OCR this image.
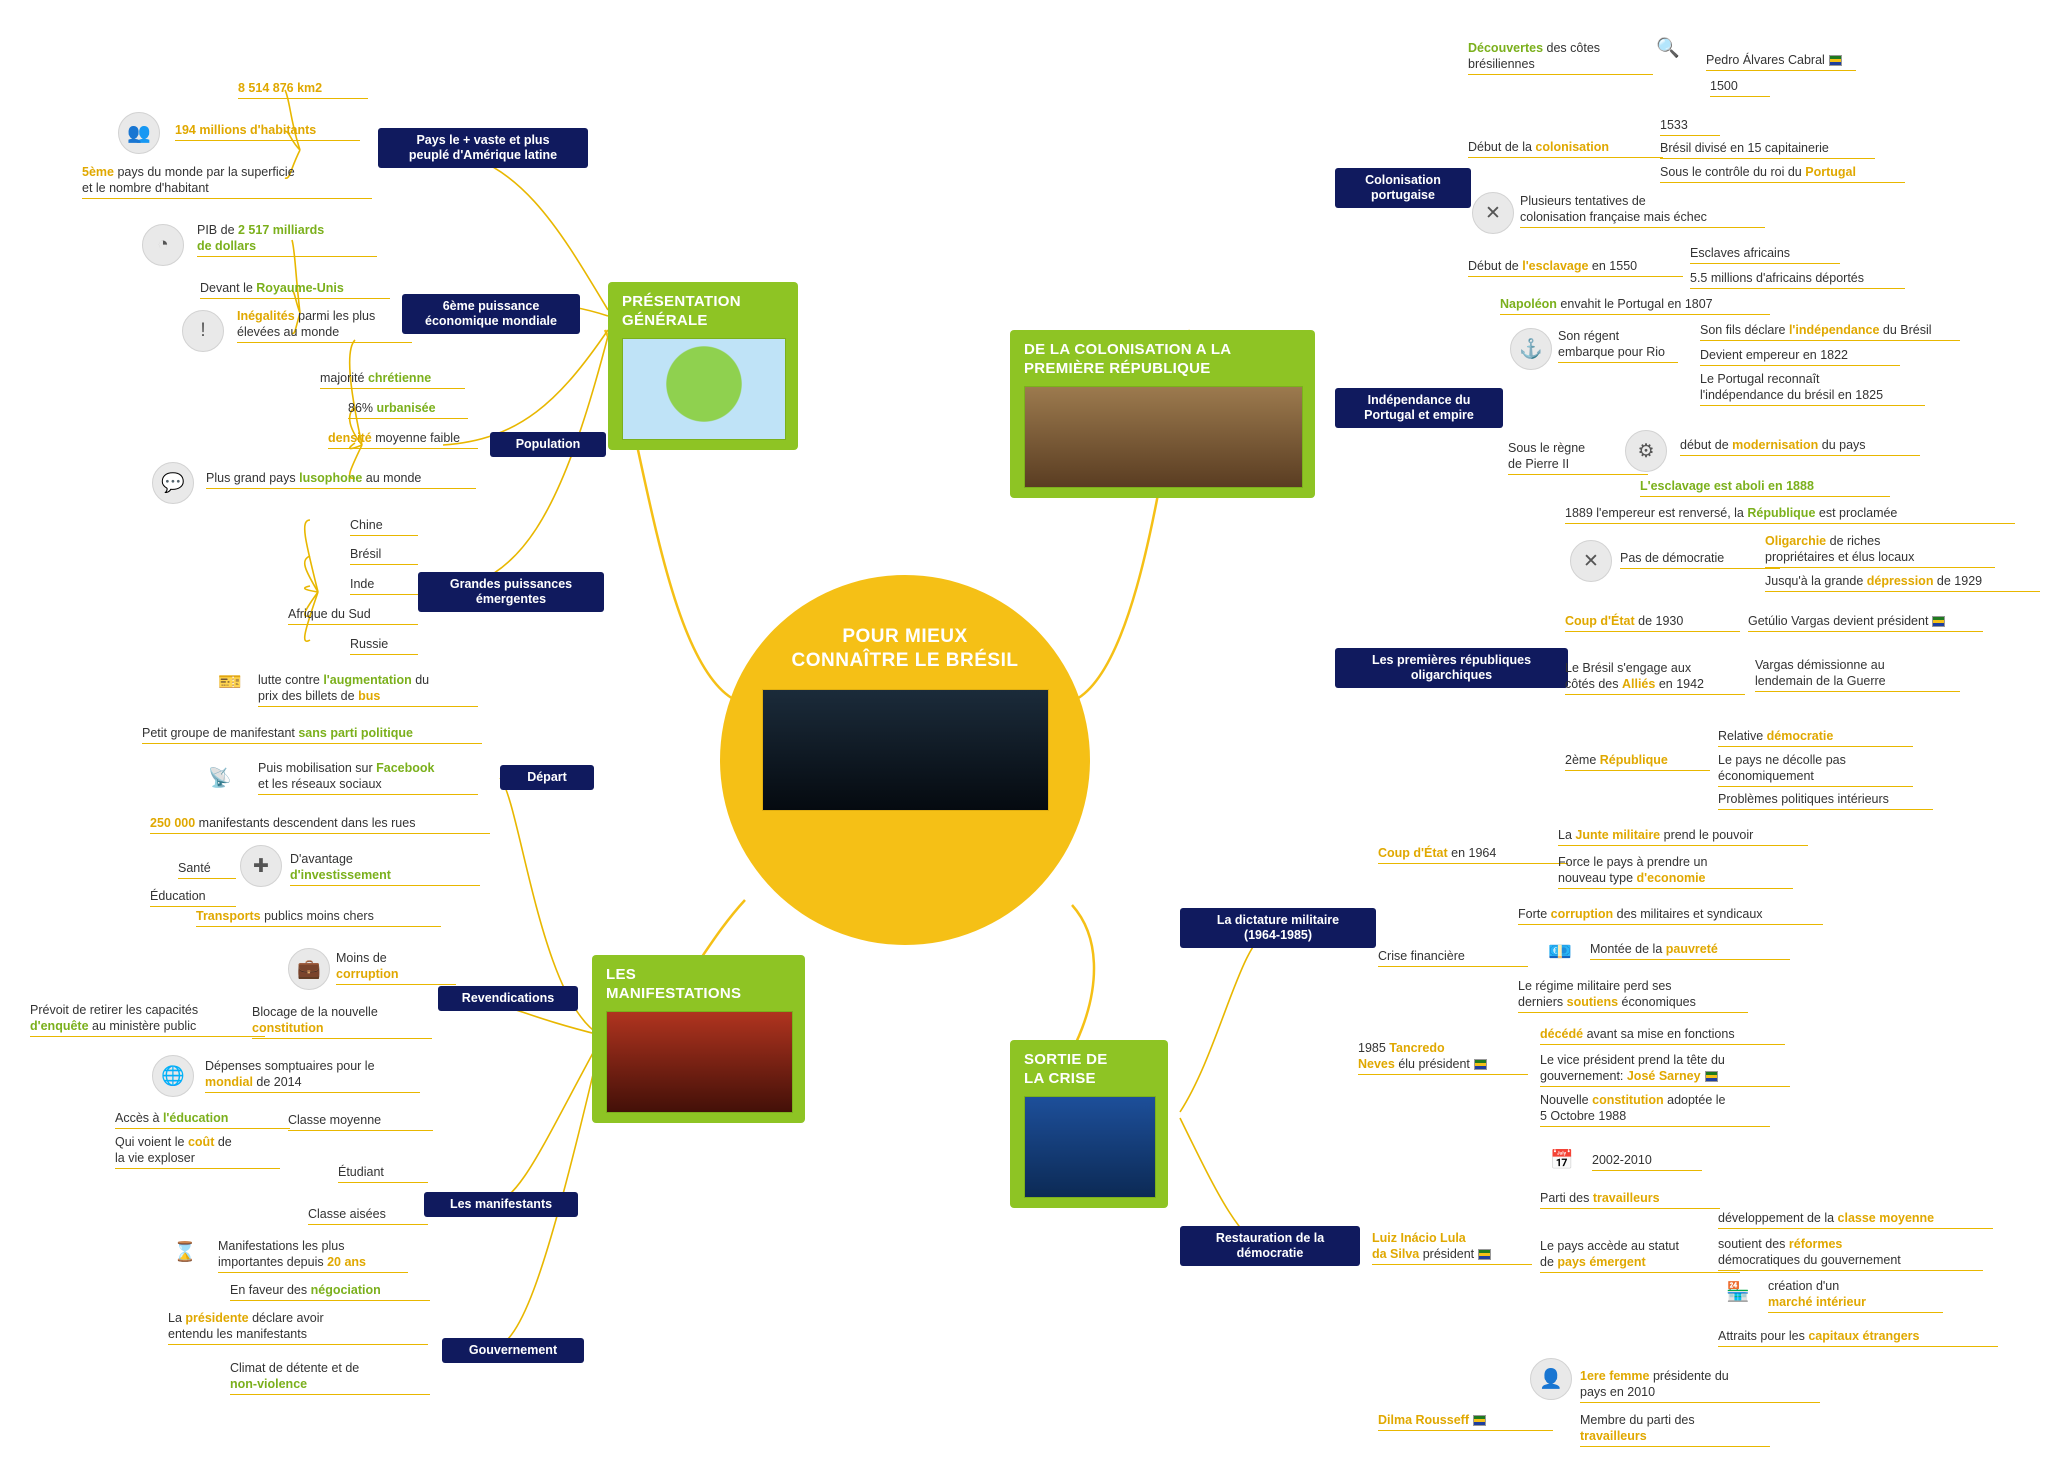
POUR MIEUX
CONNAÎTRE LE BRÉSIL
PRÉSENTATION
GÉNÉRALE
DE LA COLONISATION A LA
PREMIÈRE RÉPUBLIQUE
LES
MANIFESTATIONS
SORTIE DE
LA CRISE
Pays le + vaste et plus
peuplé d'Amérique latine
6ème puissance
économique mondiale
Population
Grandes puissances
émergentes
8 514 876 km2
👥	194 millions d'habitants
5ème pays du monde par la superficie
et le nombre d'habitant
◔
PIB de 2 517 milliards
de dollars
Devant le Royaume-Unis
!
Inégalités parmi les plus
élevées au monde
majorité chrétienne
86% urbanisée
densité moyenne faible
💬	Plus grand pays lusophone au monde
Chine
Brésil
Inde
Afrique du Sud
Russie
Colonisation
portugaise
Indépendance du
Portugal et empire
Les premières républiques
oligarchiques
Découvertes des côtes
brésiliennes
🔍
Pedro Álvares Cabral
1500
Début de la colonisation
1533
Brésil divisé en 15 capitainerie
Sous le contrôle du roi du Portugal
✕
Plusieurs tentatives de
colonisation française mais échec
Début de l'esclavage en 1550
Esclaves africains
5.5 millions d'africains déportés
Napoléon envahit le Portugal en 1807
⚓
Son régent
embarque pour Rio
Son fils déclare l'indépendance du Brésil
Devient empereur en 1822
Le Portugal reconnaît
l'indépendance du brésil en 1825
Sous le règne
de Pierre II
⚙	début de modernisation du pays
L'esclavage est aboli en 1888
1889 l'empereur est renversé, la République est proclamée
✕	Pas de démocratie
Oligarchie de riches
propriétaires et élus locaux
Jusqu'à la grande dépression de 1929
Coup d'État de 1930	Getúlio Vargas devient président
Le Brésil s'engage aux
côtés des Alliés en 1942
Vargas démissionne au
lendemain de la Guerre
2ème République
Relative démocratie
Le pays ne décolle pas
économiquement
Problèmes politiques intérieurs
Départ
Revendications
Les manifestants
Gouvernement
🎫	lutte contre l'augmentation du
prix des billets de bus
Petit groupe de manifestant sans parti politique
📡	Puis mobilisation sur Facebook
et les réseaux sociaux
250 000 manifestants descendent dans les rues
Santé
Éducation
✚	D'avantage
d'investissement
Transports publics moins chers
💼
Moins de
corruption
Prévoit de retirer les capacités
d'enquête au ministère public
Blocage de la nouvelle
constitution
🌐	Dépenses somptuaires pour le
mondial de 2014
Accès à l'éducation
Qui voient le coût de
la vie exploser
Classe moyenne
Étudiant
Classe aisées
⌛	Manifestations les plus
importantes depuis 20 ans
En faveur des négociation
La présidente déclare avoir
entendu les manifestants
Climat de détente et de
non-violence
La dictature militaire
(1964-1985)
Restauration de la
démocratie
Coup d'État en 1964
La Junte militaire prend le pouvoir
Force le pays à prendre un
nouveau type d'economie
Crise financière
Forte corruption des militaires et syndicaux
💶	Montée de la pauvreté
Le régime militaire perd ses
derniers soutiens économiques
1985 Tancredo
Neves élu président
décédé avant sa mise en fonctions
Le vice président prend la tête du
gouvernement: José Sarney
Nouvelle constitution adoptée le
5 Octobre 1988
Luiz Inácio Lula
da Silva président
📅	2002-2010
Parti des travailleurs
Le pays accède au statut
de pays émergent
développement de la classe moyenne
soutient des réformes
démocratiques du gouvernement
🏪	création d'un
marché intérieur
Attraits pour les capitaux étrangers
👤
Dilma Rousseff
1ere femme présidente du
pays en 2010
Membre du parti des
travailleurs
